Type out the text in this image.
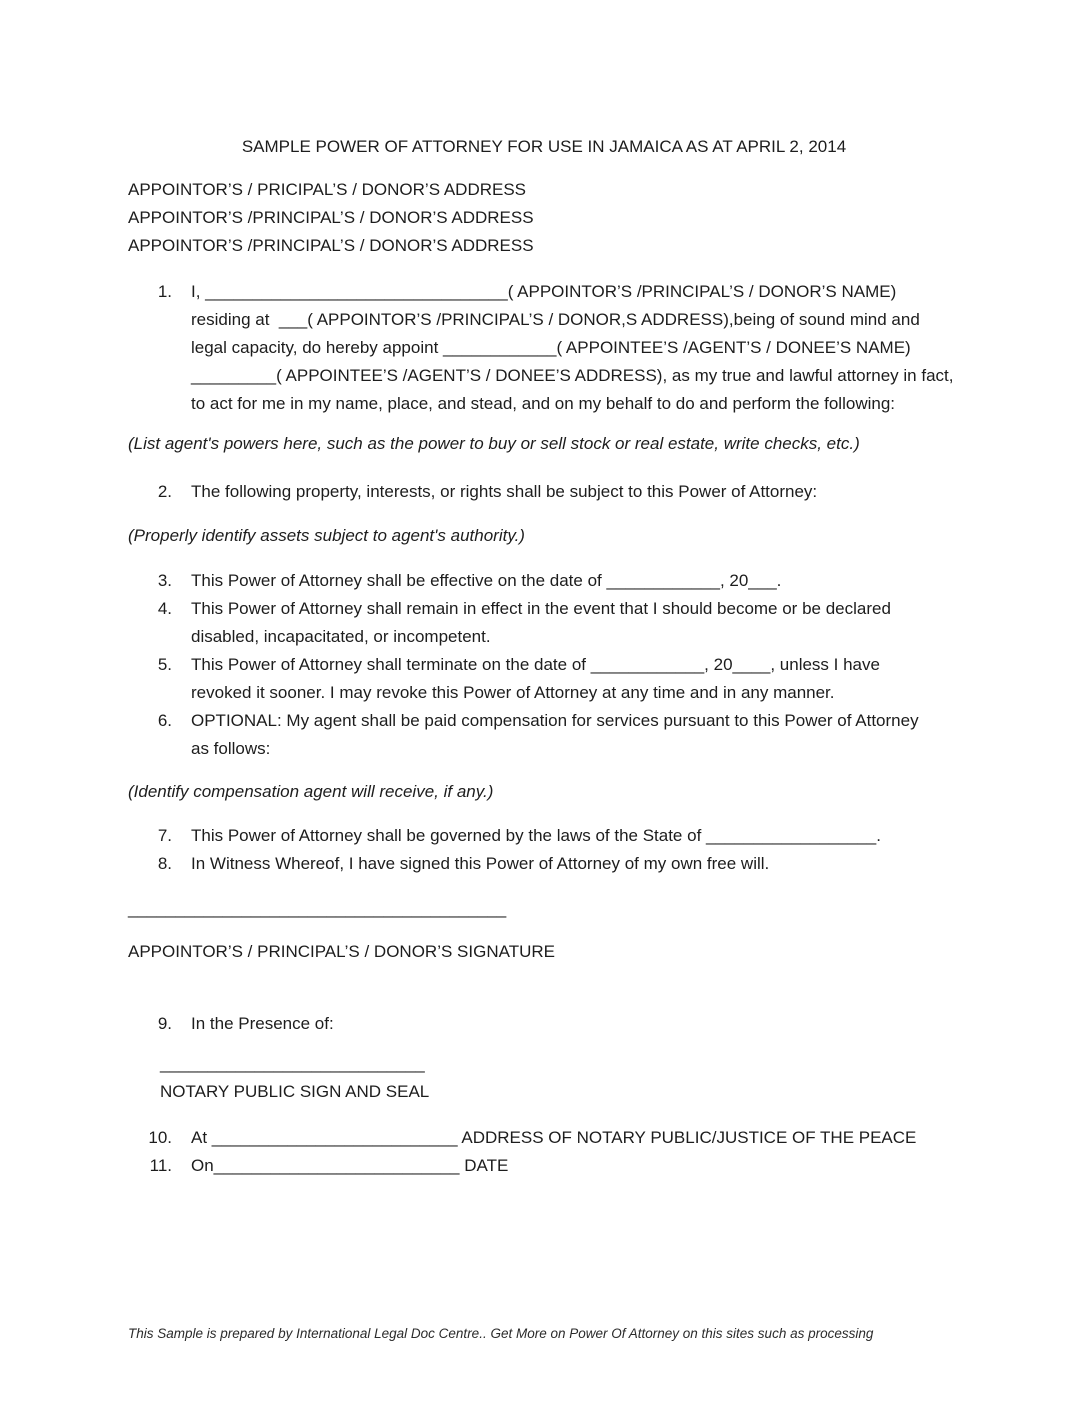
SAMPLE POWER OF ATTORNEY FOR USE IN JAMAICA AS AT APRIL 2, 2014
APPOINTOR’S / PRICIPAL’S / DONOR’S ADDRESS
APPOINTOR’S /PRINCIPAL’S / DONOR’S ADDRESS
APPOINTOR’S /PRINCIPAL’S / DONOR’S ADDRESS
1. I, ________________________________( APPOINTOR’S /PRINCIPAL’S / DONOR’S NAME)
residing at  ___( APPOINTOR’S /PRINCIPAL’S / DONOR,S ADDRESS),being of sound mind and
legal capacity, do hereby appoint ____________( APPOINTEE’S /AGENT’S / DONEE’S NAME)
_________( APPOINTEE’S /AGENT’S / DONEE’S ADDRESS), as my true and lawful attorney in fact,
to act for me in my name, place, and stead, and on my behalf to do and perform the following:
(List agent's powers here, such as the power to buy or sell stock or real estate, write checks, etc.)
2. The following property, interests, or rights shall be subject to this Power of Attorney:
(Properly identify assets subject to agent's authority.)
3. This Power of Attorney shall be effective on the date of ____________, 20___.
4. This Power of Attorney shall remain in effect in the event that I should become or be declared
disabled, incapacitated, or incompetent.
5. This Power of Attorney shall terminate on the date of ____________, 20____, unless I have
revoked it sooner. I may revoke this Power of Attorney at any time and in any manner.
6. OPTIONAL: My agent shall be paid compensation for services pursuant to this Power of Attorney
as follows:
(Identify compensation agent will receive, if any.)
7. This Power of Attorney shall be governed by the laws of the State of __________________.
8. In Witness Whereof, I have signed this Power of Attorney of my own free will.
________________________________________
APPOINTOR’S / PRINCIPAL’S / DONOR’S SIGNATURE
9. In the Presence of:
____________________________
NOTARY PUBLIC SIGN AND SEAL
10. At __________________________ ADDRESS OF NOTARY PUBLIC/JUSTICE OF THE PEACE
11. On__________________________ DATE
This Sample is prepared by International Legal Doc Centre.. Get More on Power Of Attorney on this sites such as processing
